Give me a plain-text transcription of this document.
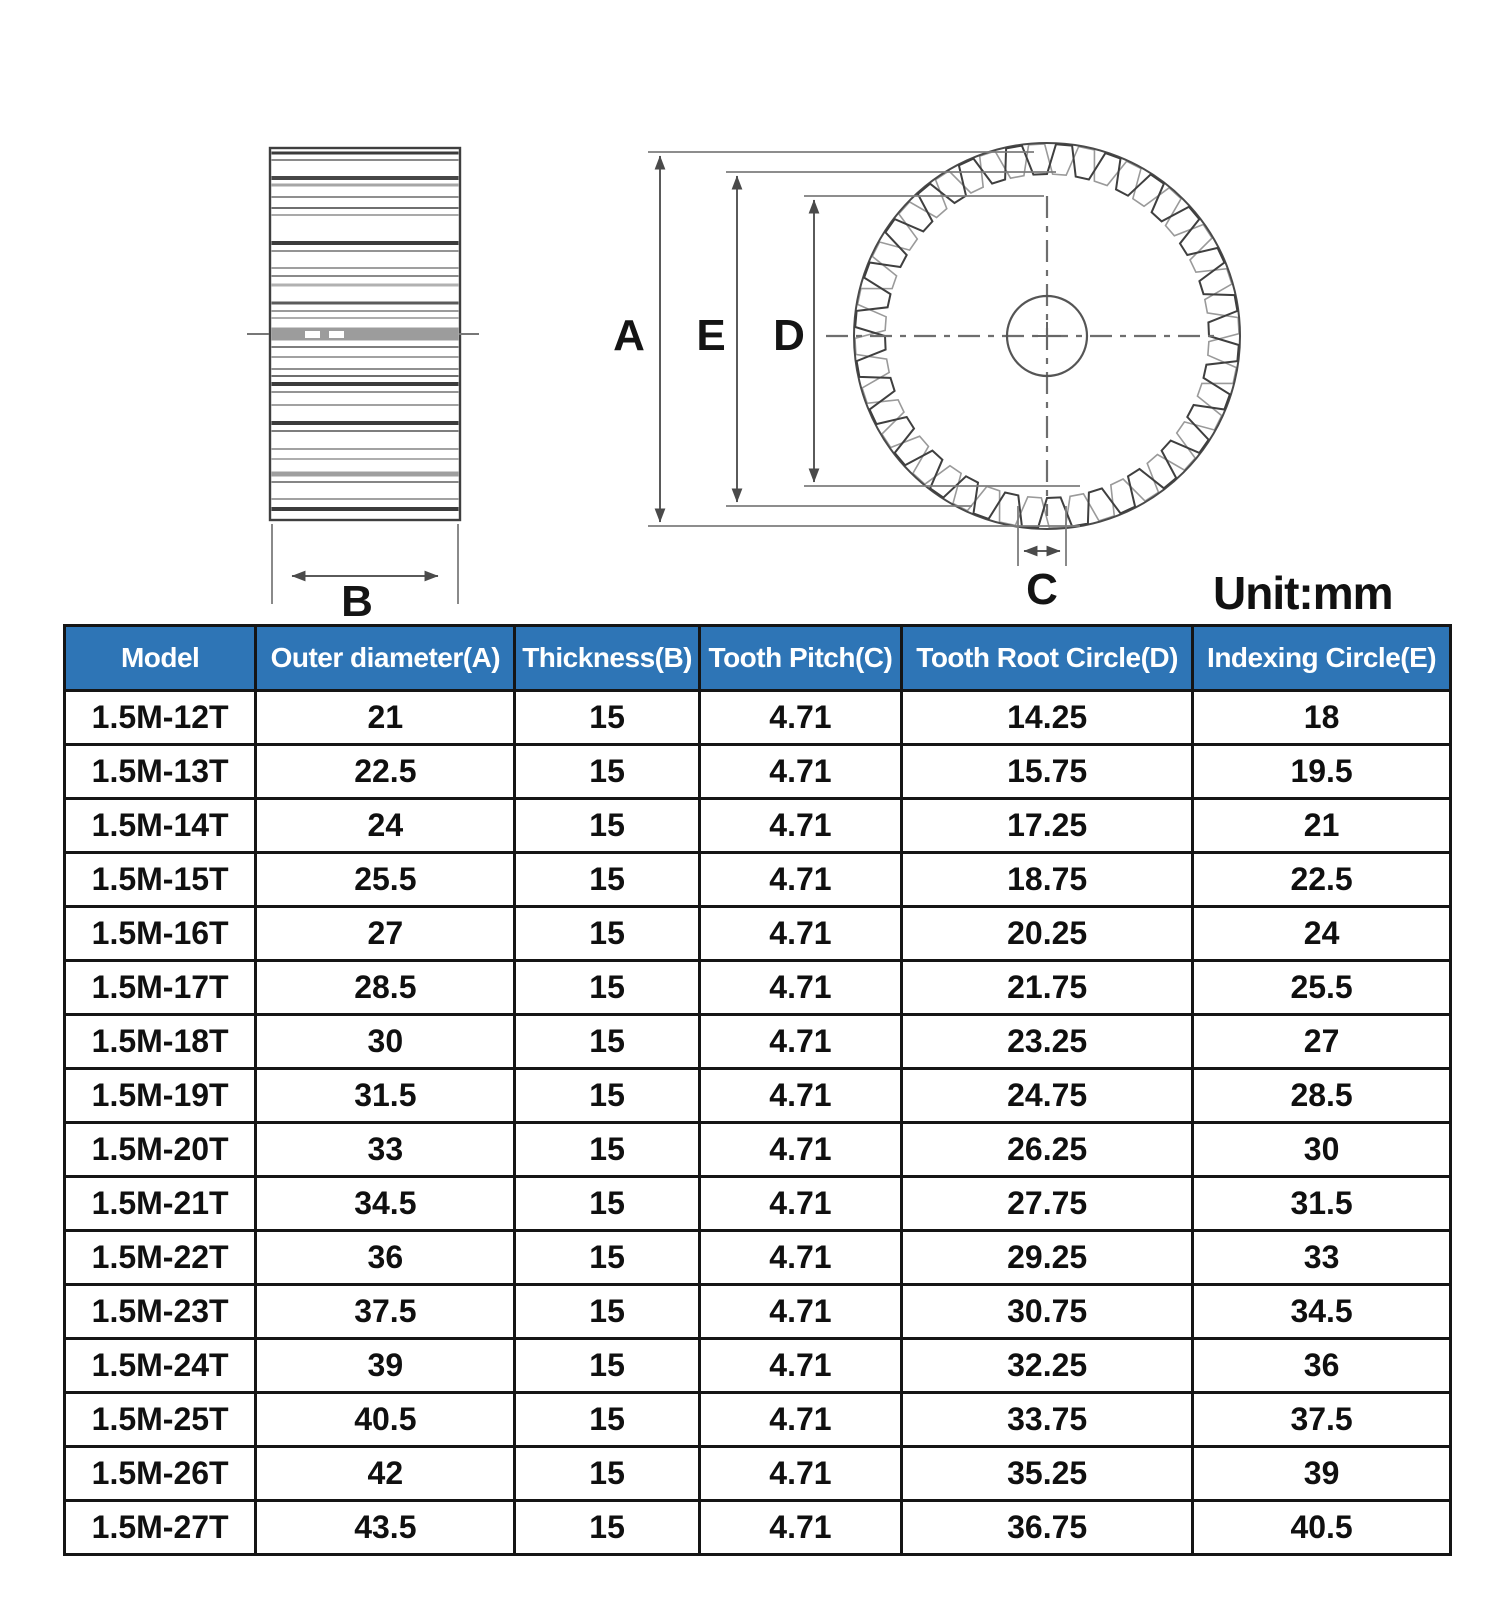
B
A E D
C	Unit:mm
Model	Outer diameter(A)	Thickness(B)	Tooth Pitch(C)	Tooth Root Circle(D)	Indexing Circle(E)
1.5M-12T	21	15	4.71	14.25	18
1.5M-13T	22.5	15	4.71	15.75	19.5
1.5M-14T	24	15	4.71	17.25	21
1.5M-15T	25.5	15	4.71	18.75	22.5
1.5M-16T	27	15	4.71	20.25	24
1.5M-17T	28.5	15	4.71	21.75	25.5
1.5M-18T	30	15	4.71	23.25	27
1.5M-19T	31.5	15	4.71	24.75	28.5
1.5M-20T	33	15	4.71	26.25	30
1.5M-21T	34.5	15	4.71	27.75	31.5
1.5M-22T	36	15	4.71	29.25	33
1.5M-23T	37.5	15	4.71	30.75	34.5
1.5M-24T	39	15	4.71	32.25	36
1.5M-25T	40.5	15	4.71	33.75	37.5
1.5M-26T	42	15	4.71	35.25	39
1.5M-27T	43.5	15	4.71	36.75	40.5
